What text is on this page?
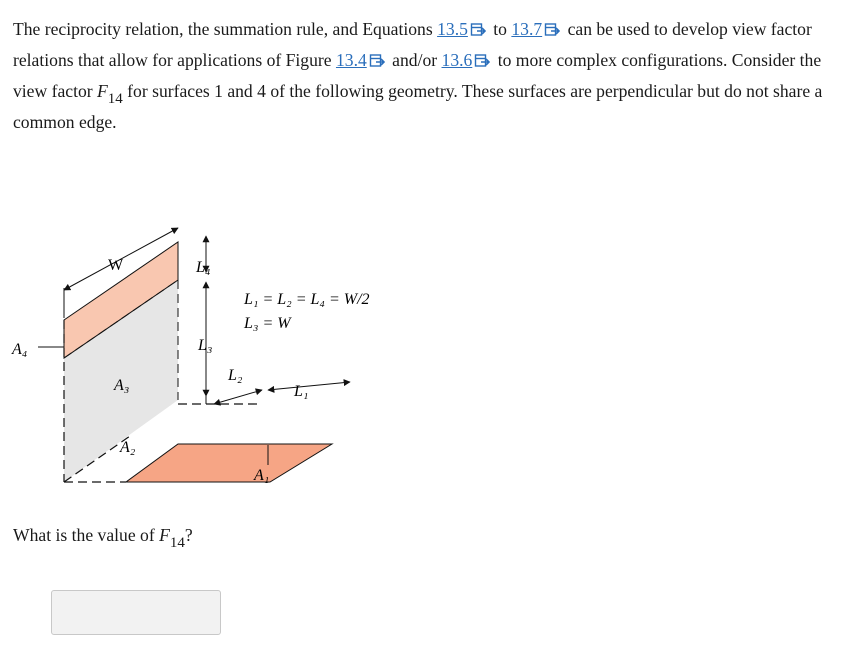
The reciprocity relation, the summation rule, and Equations 13.5 to 13.7 can be used to develop view factor relations that allow for applications of Figure 13.4 and/or 13.6 to more complex configurations. Consider the view factor $F_{14}$ for surfaces 1 and 4 of the following geometry. These surfaces are perpendicular but do not share a common edge.

W	L₄
L₃
L₂
L₁
A₁
A₂
A₃
A₄
L₁ = L₂ = L₄ = W/2
L₃ = W

What is the value of $F_{14}$?
